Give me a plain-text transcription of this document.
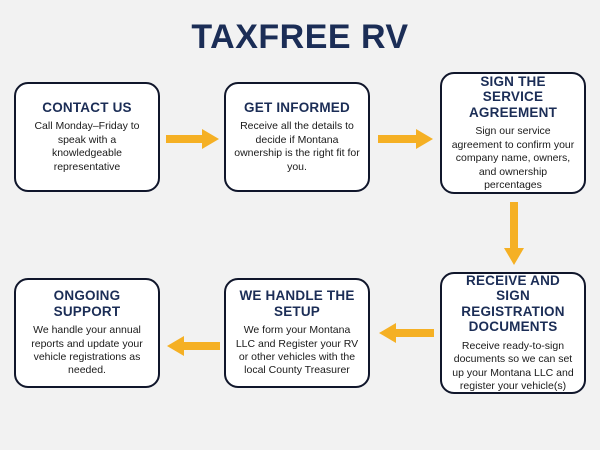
TAXFREE RV
CONTACT US
Call Monday–Friday to speak with a knowledgeable representative
GET INFORMED
Receive all the details to decide if Montana ownership is the right fit for you.
SIGN THE SERVICE AGREEMENT
Sign our service agreement to confirm your company name, owners, and ownership percentages
RECEIVE AND SIGN REGISTRATION DOCUMENTS
Receive ready-to-sign documents so we can set up your Montana LLC and register your vehicle(s)
WE HANDLE THE SETUP
We form your Montana LLC and Register your RV or other vehicles with the local County Treasurer
ONGOING SUPPORT
We handle your annual reports and update your vehicle registrations as needed.
